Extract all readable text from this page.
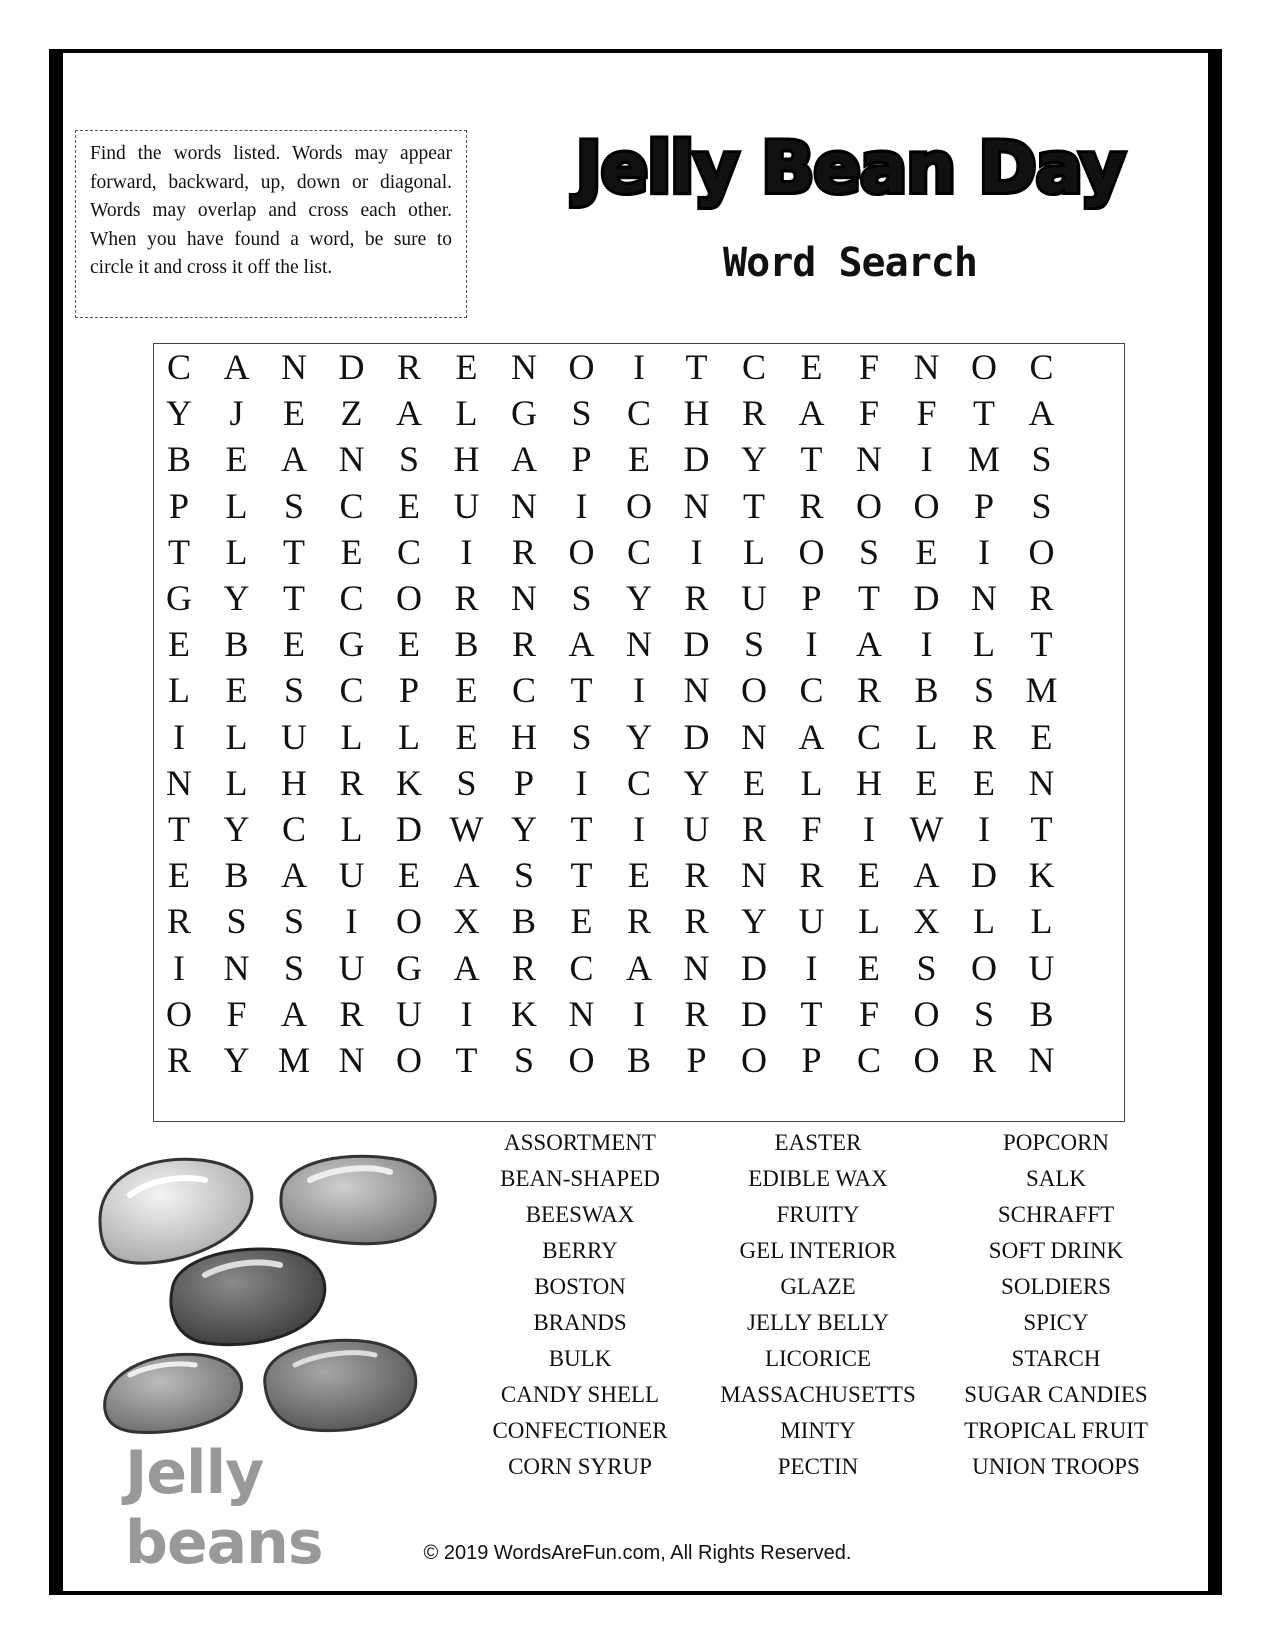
Find the words listed. Words may appear forward, backward, up, down or diagonal. Words may overlap and cross each other. When you have found a word, be sure to circle it and cross it off the list.
Jelly Bean Day
Word Search
C A N D R E N O	I	T C E	F N O C
Y	J	E Z A L G S C H R A F	F	T A
B E A N S H A P	E D Y T N	I M S
P	L	S C E U N	I	O N T R O O P	S
T L T E C	I	R O C	I	L O S	E	I	O
G Y T C O R N S Y R U P	T D N R
E B E G E B R A N D S	I	A	I	L T
L E	S C P	E C T	I	N O C R B S M
I	L U L L E H S Y D N A C L R E
N L H R K S	P	I	C Y E L H E E N
T Y C L D W Y T	I	U R F	I W I	T
E B A U E A S	T E R N R E A D K
R S	S	I	O X B E R R Y U L X L L
I	N S U G A R C A N D	I	E	S O U
O F A R U	I	K N	I	R D T	F O S B
R Y M N O T	S O B P O P C O R N
ASSORTMENT
BEAN-SHAPED
BEESWAX
BERRY
BOSTON
BRANDS
BULK
CANDY SHELL
CONFECTIONER
CORN SYRUP
EASTER
EDIBLE WAX
FRUITY
GEL INTERIOR
GLAZE
JELLY BELLY
LICORICE
MASSACHUSETTS
MINTY
PECTIN
POPCORN
SALK
SCHRAFFT
SOFT DRINK
SOLDIERS
SPICY
STARCH
SUGAR CANDIES
TROPICAL FRUIT
UNION TROOPS
Jelly beans	© 2019 WordsAreFun.com, All Rights Reserved.
